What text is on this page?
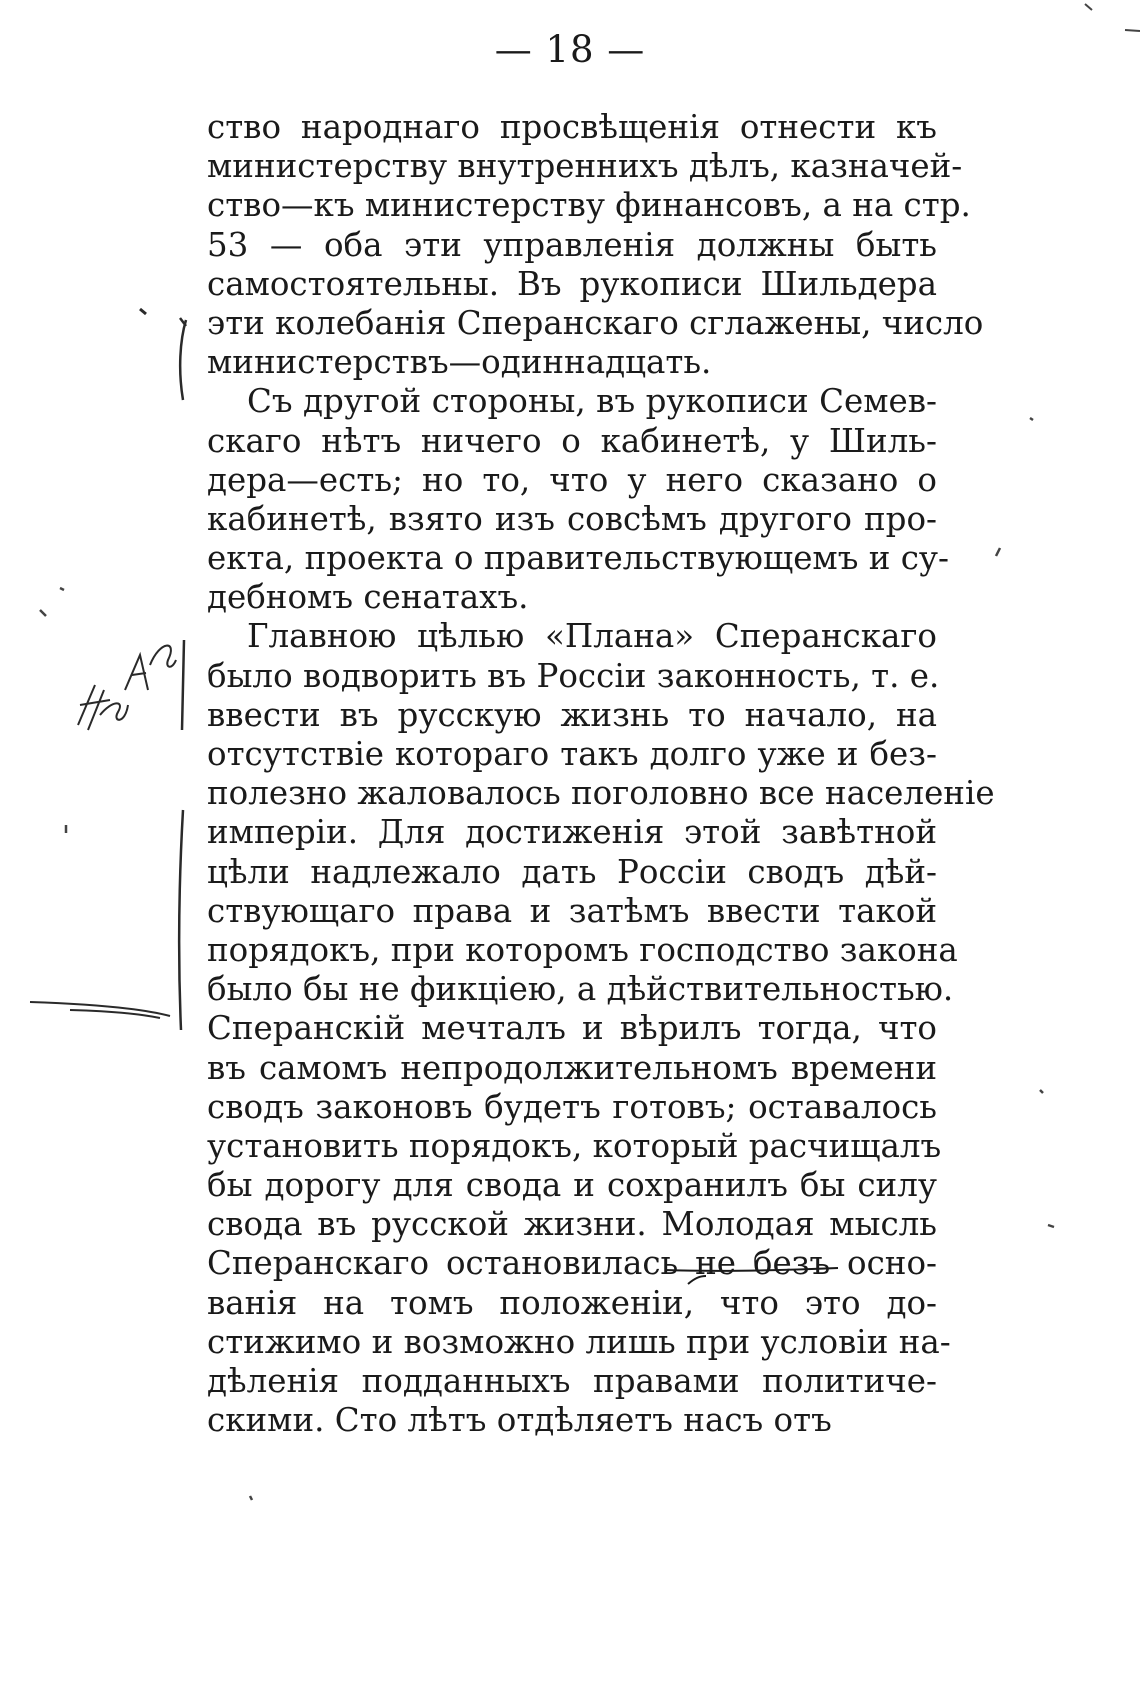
— 18 —
ство народнаго просвѣщенія отнести къ
министерству внутреннихъ дѣлъ, казначей-
ство—къ министерству финансовъ, а на стр.
53 — оба эти управленія должны быть
самостоятельны. Въ рукописи Шильдера
эти колебанія Сперанскаго сглажены, число
министерствъ—одиннадцать.
Съ другой стороны, въ рукописи Семев-
скаго нѣтъ ничего о кабинетѣ, у Шиль-
дера—есть; но то, что у него сказано о
кабинетѣ, взято изъ совсѣмъ другого про-
екта, проекта о правительствующемъ и су-
дебномъ сенатахъ.
Главною цѣлью «Плана» Сперанскаго
было водворить въ Россіи законность, т. е.
ввести въ русскую жизнь то начало, на
отсутствіе котораго такъ долго уже и без-
полезно жаловалось поголовно все населеніе
имперіи. Для достиженія этой завѣтной
цѣли надлежало дать Россіи сводъ дѣй-
ствующаго права и затѣмъ ввести такой
порядокъ, при которомъ господство закона
было бы не фикціею, а дѣйствительностью.
Сперанскій мечталъ и вѣрилъ тогда, что
въ самомъ непродолжительномъ времени
сводъ законовъ будетъ готовъ; оставалось
установить порядокъ, который расчищалъ
бы дорогу для свода и сохранилъ бы силу
свода въ русской жизни. Молодая мысль
Сперанскаго остановилась не безъ осно-
ванія на томъ положеніи, что это до-
стижимо и возможно лишь при условіи на-
дѣленія подданныхъ правами политиче-
скими. Сто лѣтъ отдѣляетъ насъ отъ
